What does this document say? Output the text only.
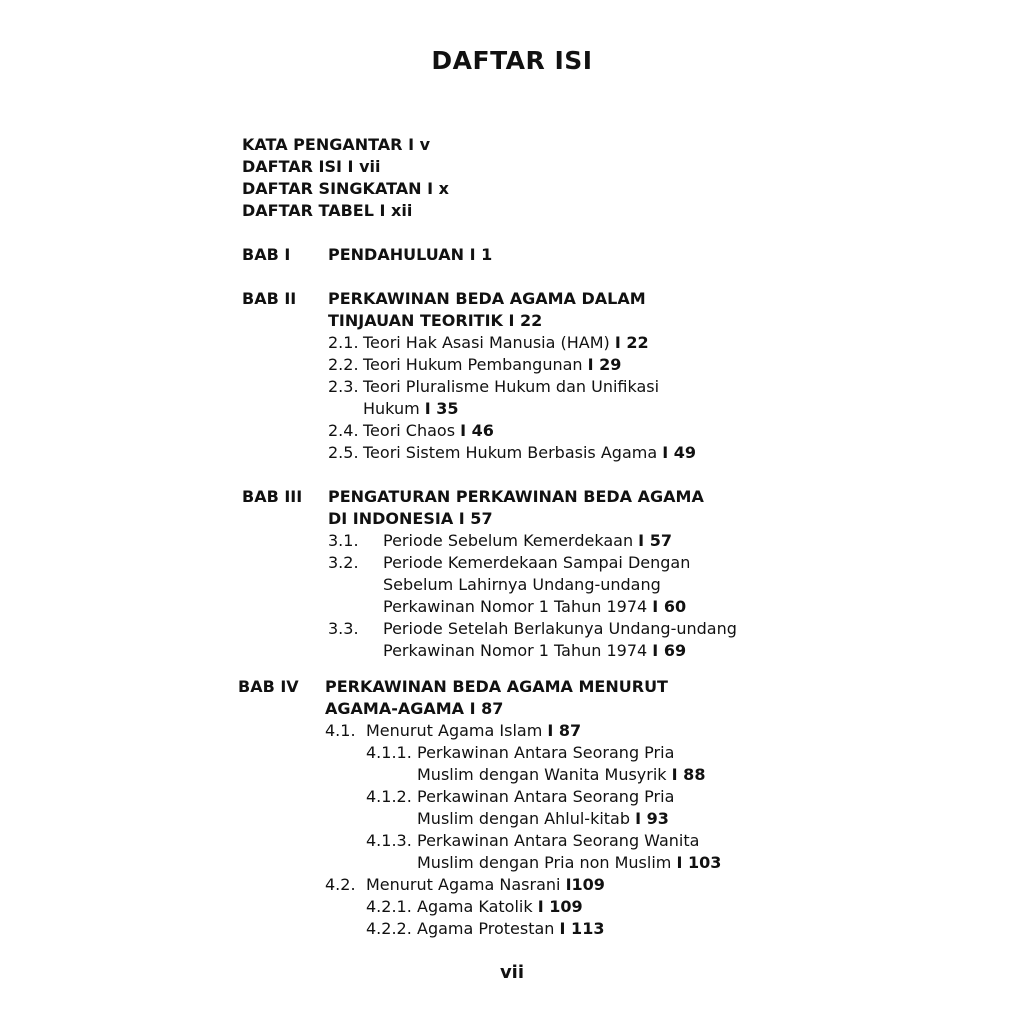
DAFTAR ISI
KATA PENGANTAR I v
DAFTAR ISI I vii
DAFTAR SINGKATAN I x
DAFTAR TABEL I xii
BAB I PENDAHULUAN I 1
BAB II PERKAWINAN BEDA AGAMA DALAM
TINJAUAN TEORITIK I 22
2.1. Teori Hak Asasi Manusia (HAM) I 22
2.2. Teori Hukum Pembangunan I 29
2.3. Teori Pluralisme Hukum dan Unifikasi
Hukum I 35
2.4. Teori Chaos I 46
2.5. Teori Sistem Hukum Berbasis Agama I 49
BAB III PENGATURAN PERKAWINAN BEDA AGAMA
DI INDONESIA I 57
3.1. Periode Sebelum Kemerdekaan I 57
3.2. Periode Kemerdekaan Sampai Dengan
Sebelum Lahirnya Undang-undang
Perkawinan Nomor 1 Tahun 1974 I 60
3.3. Periode Setelah Berlakunya Undang-undang
Perkawinan Nomor 1 Tahun 1974 I 69
BAB IV PERKAWINAN BEDA AGAMA MENURUT
AGAMA-AGAMA I 87
4.1. Menurut Agama Islam I 87
4.1.1. Perkawinan Antara Seorang Pria
Muslim dengan Wanita Musyrik I 88
4.1.2. Perkawinan Antara Seorang Pria
Muslim dengan Ahlul-kitab I 93
4.1.3. Perkawinan Antara Seorang Wanita
Muslim dengan Pria non Muslim I 103
4.2. Menurut Agama Nasrani I109
4.2.1. Agama Katolik I 109
4.2.2. Agama Protestan I 113
vii
